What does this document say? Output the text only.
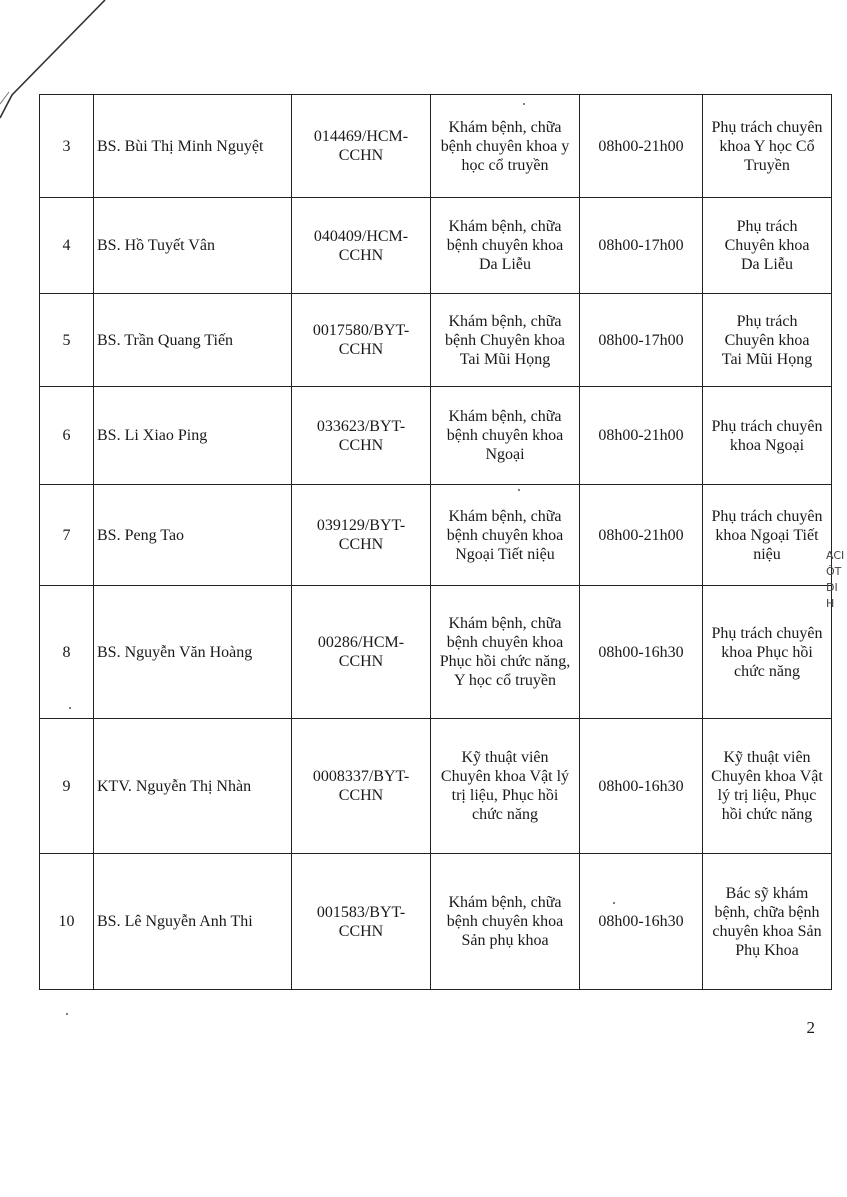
3	BS. Bùi Thị Minh Nguyệt	014469/HCM-
CCHN	Khám bệnh, chữa
bệnh chuyên khoa y
học cổ truyền	08h00-21h00	Phụ trách chuyên
khoa Y học Cổ
Truyền
4	BS. Hồ Tuyết Vân	040409/HCM-
CCHN	Khám bệnh, chữa
bệnh chuyên khoa
Da Liễu	08h00-17h00	Phụ trách
Chuyên khoa
Da Liễu
5	BS. Trần Quang Tiến	0017580/BYT-
CCHN	Khám bệnh, chữa
bệnh Chuyên khoa
Tai Mũi Họng	08h00-17h00	Phụ trách
Chuyên khoa
Tai Mũi Họng
6	BS. Li Xiao Ping	033623/BYT-
CCHN	Khám bệnh, chữa
bệnh chuyên khoa
Ngoại	08h00-21h00	Phụ trách chuyên
khoa Ngoại
7	BS. Peng Tao	039129/BYT-
CCHN	Khám bệnh, chữa
bệnh chuyên khoa
Ngoại Tiết niệu	08h00-21h00	Phụ trách chuyên
khoa Ngoại Tiết
niệu
8	BS. Nguyễn Văn Hoàng	00286/HCM-
CCHN	Khám bệnh, chữa
bệnh chuyên khoa
Phục hồi chức năng,
Y học cổ truyền	08h00-16h30	Phụ trách chuyên
khoa Phục hồi
chức năng
9	KTV. Nguyễn Thị Nhàn	0008337/BYT-
CCHN	Kỹ thuật viên
Chuyên khoa Vật lý
trị liệu, Phục hồi
chức năng	08h00-16h30	Kỹ thuật viên
Chuyên khoa Vật
lý trị liệu, Phục
hồi chức năng
10	BS. Lê Nguyễn Anh Thi	001583/BYT-
CCHN	Khám bệnh, chữa
bệnh chuyên khoa
Sản phụ khoa	08h00-16h30	Bác sỹ khám
bệnh, chữa bệnh
chuyên khoa Sản
Phụ Khoa
2
ACI
ÔT
DI
H
